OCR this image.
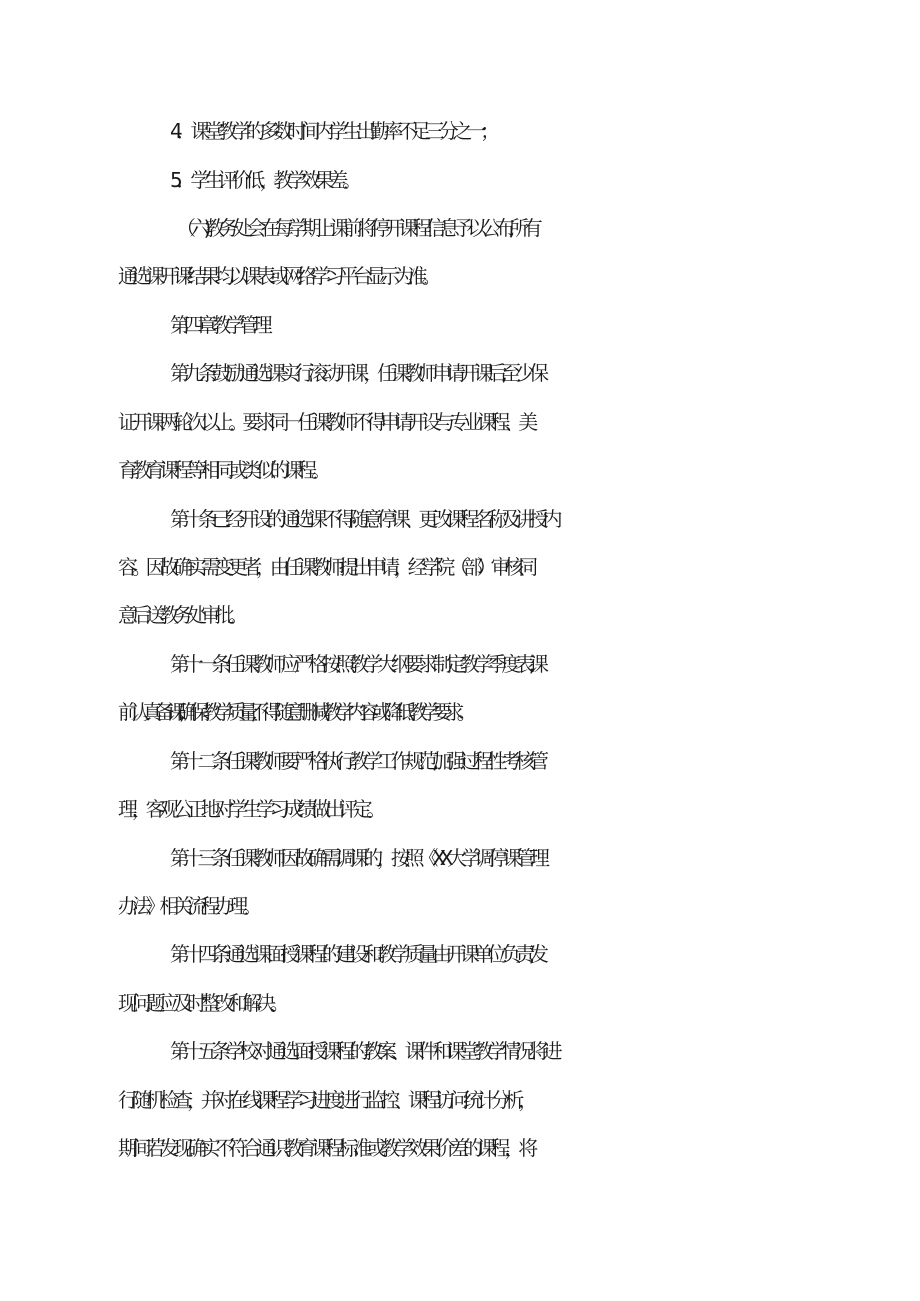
4．课堂教学的多数时间内学生出勤率不足三分之一；
5．学生评价低，教学效果差。
（六)教务处会在每学期上课前将停开课程信息予以公布,所有
通选课开课结果均以课表或网络学习平台显示为准。
第四章教学管理
第九条鼓励通选课实行滚动开课，任课教师申请开课后,至少保
证开课两轮次以上。要求同一任课教师不得申请开设与专业课程、美
育教育课程等相同或类似的课程。
第十条已经开设的通选课不得随意停课、更改课程名称及讲授内
容。因故确实需变更者，由任课教师提出申请，经学院（部）审核同
意后送教务处审批。
第十一条任课教师应严格按照教学大纲要求制定教学季度表,课
前认真备课,确保教学质量,不得随意删减教学内容或降低教学要求。
第十二条任课教师要严格执行教学工作规范,加强过程性考核管
理，客观公正地对学生学习成绩做出评定。
第十三条任课教师因故确需调课的，按照《XX大学调停课管理
办法》相关流程办理。
第十四条通选课面授课程的建设和教学质量由开课单位负责,发
现问题应及时整改和解决。
第十五条学校对通选面授课程的教案、课件和课堂教学情况将进
行随机检查，并对在线课程学习进度进行监控、课程访问统计分析，
期间若发现确实不符合通识教育课程标准或教学效果价差的课程，将
